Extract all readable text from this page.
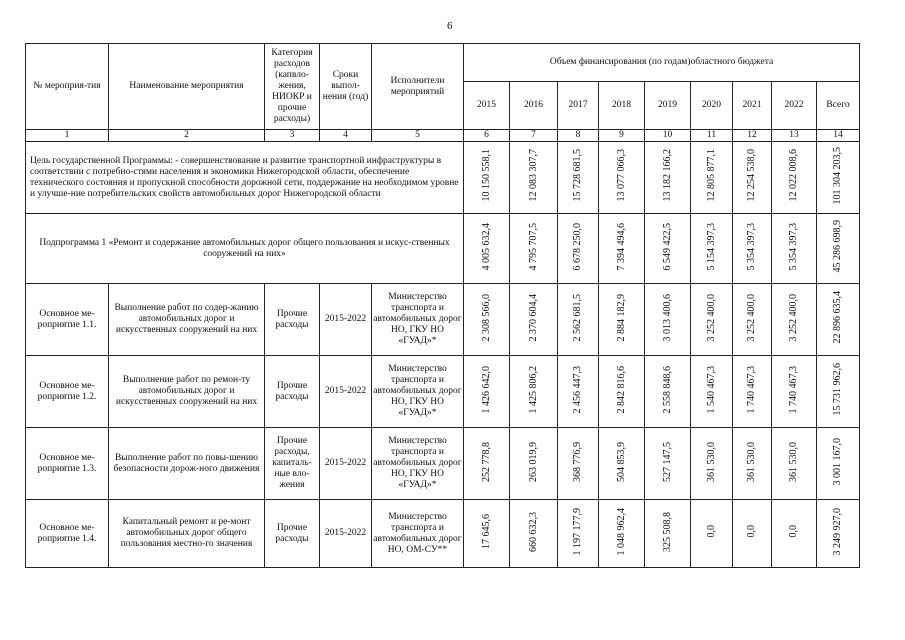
6
№ мероприя-тия	Наименование мероприятия	Категория расходов (капвло-жения, НИОКР и прочие расходы)	Сроки выпол-нения (год)	Исполнители мероприятий	Объем финансирования (по годам)областного бюджета								
					2015	2016	2017	2018	2019	2020	2021	2022	Всего
1	2	3	4	5	6	7	8	9	10	11	12	13	14
Цель государственной Программы: - совершенствование и развитие транспортной инфраструктуры в соответствии с потребно-стями населения и экономики Нижегородской области, обеспечение технического состояния и пропускной способности дорожной сети, поддержание на необходимом уровне и улучше-ние потребительских свойств автомобильных дорог Нижегородской области					10 150 558,1	12 083 307,7	15 728 681,5	13 077 066,3	13 182 166,2	12 805 877,1	12 254 538,0	12 022 008,6	101 304 203,5
Подпрограмма 1 «Ремонт и содержание автомобильных дорог общего пользования и искус-ственных сооружений на них»					4 005 632,4	4 795 707,5	6 678 250,0	7 394 494,6	6 549 422,5	5 154 397,3	5 354 397,3	5 354 397,3	45 286 698,9
Основное ме-роприятие 1.1.	Выполнение работ по содер-жанию автомобильных дорог и искусственных сооружений на них	Прочие расходы	2015-2022	Министерство транспорта и автомобильных дорог НО, ГКУ НО «ГУАД»*	2 308 566,0	2 370 604,4	2 562 681,5	2 884 182,9	3 013 400,6	3 252 400,0	3 252 400,0	3 252 400,0	22 896 635,4
Основное ме-роприятие 1.2.	Выполнение работ по ремон-ту автомобильных дорог и искусственных сооружений на них	Прочие расходы	2015-2022	Министерство транспорта и автомобильных дорог НО, ГКУ НО «ГУАД»*	1 426 642,0	1 425 806,2	2 456 447,3	2 842 816,6	2 558 848,6	1 540 467,3	1 740 467,3	1 740 467,3	15 731 962,6
Основное ме-роприятие 1.3.	Выполнение работ по повы-шению безопасности дорож-ного движения	Прочие расходы, капиталь-ные вло-жения	2015-2022	Министерство транспорта и автомобильных дорог НО, ГКУ НО «ГУАД»*	252 778,8	263 019,9	368 776,9	504 853,9	527 147,5	361 530,0	361 530,0	361 530,0	3 001 167,0
Основное ме-роприятие 1.4.	Капитальный ремонт и ре-монт автомобильных дорог общего пользования местно-го значения	Прочие расходы	2015-2022	Министерство транспорта и автомобильных дорог НО, ОМ-СУ**	17 645,6	660 632,3	1 197 177,9	1 048 962,4	325 508,8	0,0	0,0	0,0	3 249 927,0
